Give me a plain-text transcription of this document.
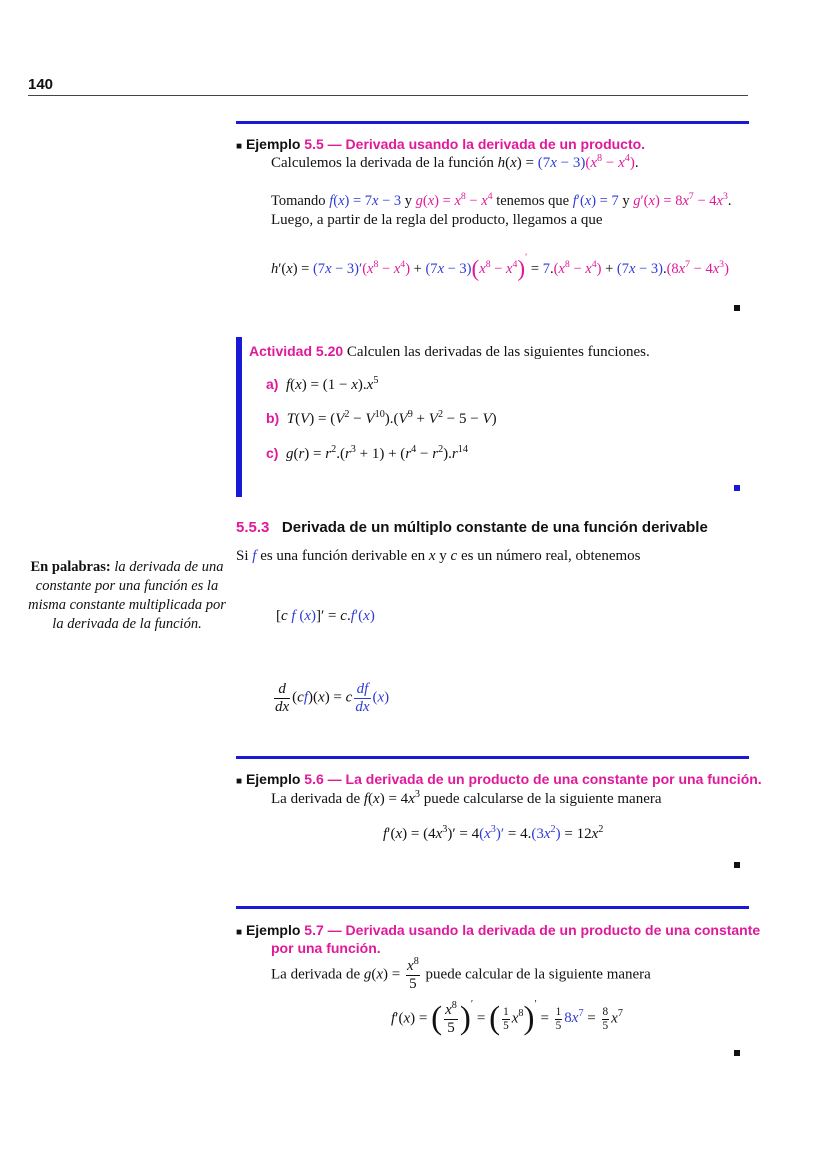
140
■ Ejemplo 5.5 — Derivada usando la derivada de un producto.
Calculemos la derivada de la función $h(x) = (7x - 3)(x^8 - x^4)$.
Tomando f(x) = 7x − 3 y $g(x) = x^8 - x^4$ tenemos que f′(x) = 7 y $g'(x) = 8x^7 - 4x^3$.
Luego, a partir de la regla del producto, llegamos a que
$h'(x) = (7x - 3)'(x^8 - x^4) + (7x - 3)(x^8 - x^4)' = 7.(x^8 - x^4) + (7x - 3).(8x^7 - 4x^3)$
Actividad 5.20 Calculen las derivadas de las siguientes funciones.
a) $f(x) = (1 - x).x^5$
b) $T(V) = (V^2 - V^{10}).(V^9 + V^2 - 5 - V)$
c) $g(r) = r^2.(r^3 + 1) + (r^4 - r^2).r^{14}$
5.5.3 Derivada de un múltiplo constante de una función derivable
Si f es una función derivable en x y c es un número real, obtenemos
En palabras: la derivada de una constante por una función es la misma constante multiplicada por la derivada de la función.	[c f (x)]′ = c.f′(x)
$\frac{d}{dx} (cf)(x) = c \frac{df}{dx} (x)$
■ Ejemplo 5.6 — La derivada de un producto de una constante por una función.
La derivada de $f(x) = 4x^3$ puede calcularse de la siguiente manera
$f'(x) = (4x^3)' = 4(x^3)' = 4.(3x^2) = 12x^2$
■ Ejemplo 5.7 — Derivada usando la derivada de un producto de una constante
por una función.
La derivada de $g(x) = \frac{x^8}{5}$ puede calcular de la siguiente manera
f′(x) = ( $\frac{x^8}{5} )'$ = ( $\frac{1}{5} x^8)' = \frac{1}{5} 8x^7 = \frac{8}{5} x^7$
